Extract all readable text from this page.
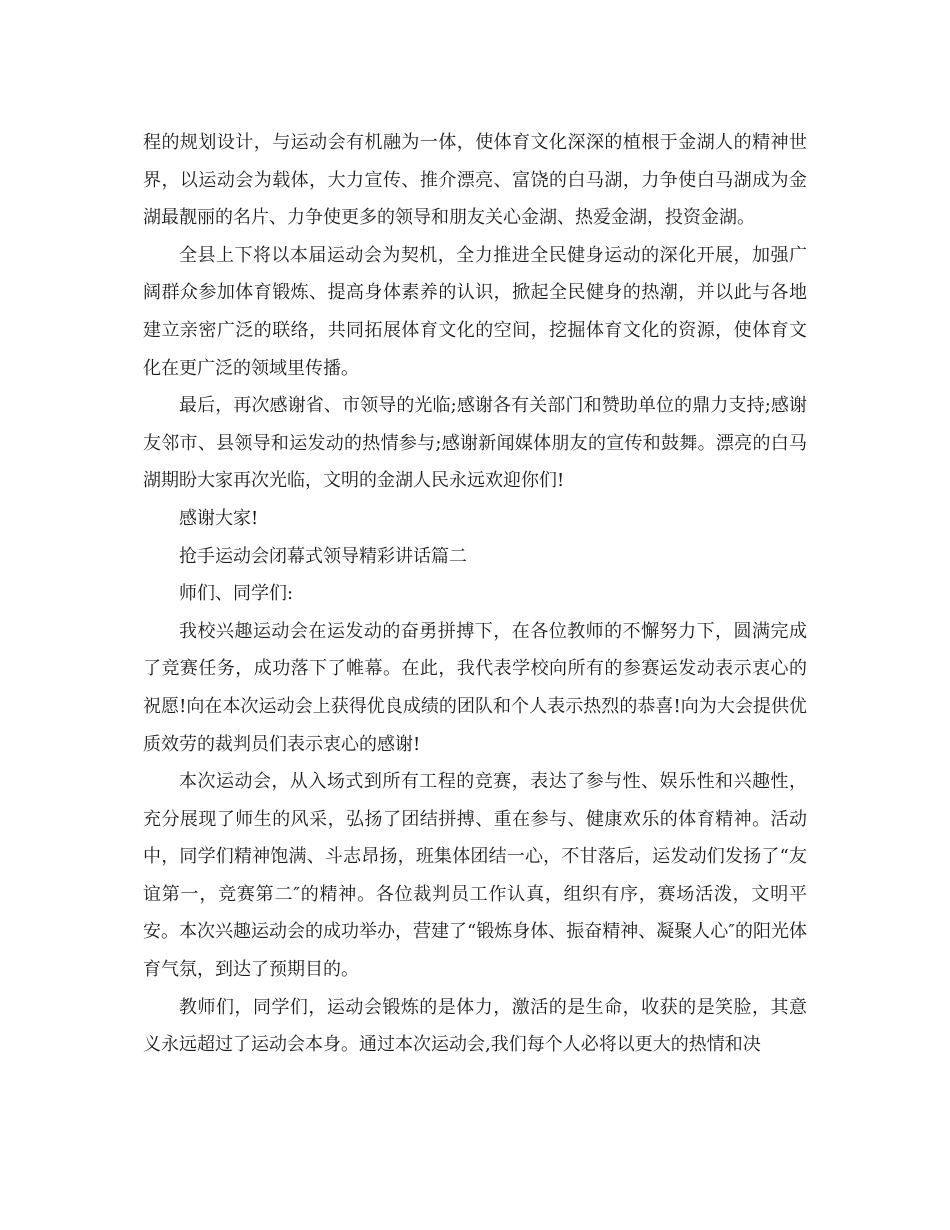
程的规划设计，与运动会有机融为一体，使体育文化深深的植根于金湖人的精神世界，以运动会为载体，大力宣传、推介漂亮、富饶的白马湖，力争使白马湖成为金湖最靓丽的名片、力争使更多的领导和朋友关心金湖、热爱金湖，投资金湖。

全县上下将以本届运动会为契机，全力推进全民健身运动的深化开展，加强广阔群众参加体育锻炼、提高身体素养的认识，掀起全民健身的热潮，并以此与各地建立亲密广泛的联络，共同拓展体育文化的空间，挖掘体育文化的资源，使体育文化在更广泛的领域里传播。

最后，再次感谢省、市领导的光临;感谢各有关部门和赞助单位的鼎力支持;感谢友邻市、县领导和运发动的热情参与;感谢新闻媒体朋友的宣传和鼓舞。漂亮的白马湖期盼大家再次光临，文明的金湖人民永远欢迎你们!

感谢大家!

抢手运动会闭幕式领导精彩讲话篇二

师们、同学们:

我校兴趣运动会在运发动的奋勇拼搏下，在各位教师的不懈努力下，圆满完成了竞赛任务，成功落下了帷幕。在此，我代表学校向所有的参赛运发动表示衷心的祝愿!向在本次运动会上获得优良成绩的团队和个人表示热烈的恭喜!向为大会提供优质效劳的裁判员们表示衷心的感谢!

本次运动会，从入场式到所有工程的竞赛，表达了参与性、娱乐性和兴趣性，充分展现了师生的风采，弘扬了团结拼搏、重在参与、健康欢乐的体育精神。活动中，同学们精神饱满、斗志昂扬，班集体团结一心，不甘落后，运发动们发扬了“友谊第一，竞赛第二″的精神。各位裁判员工作认真，组织有序，赛场活泼，文明平安。本次兴趣运动会的成功举办，营建了“锻炼身体、振奋精神、凝聚人心″的阳光体育气氛，到达了预期目的。

教师们，同学们，运动会锻炼的是体力，激活的是生命，收获的是笑脸，其意义永远超过了运动会本身。通过本次运动会,我们每个人必将以更大的热情和决
